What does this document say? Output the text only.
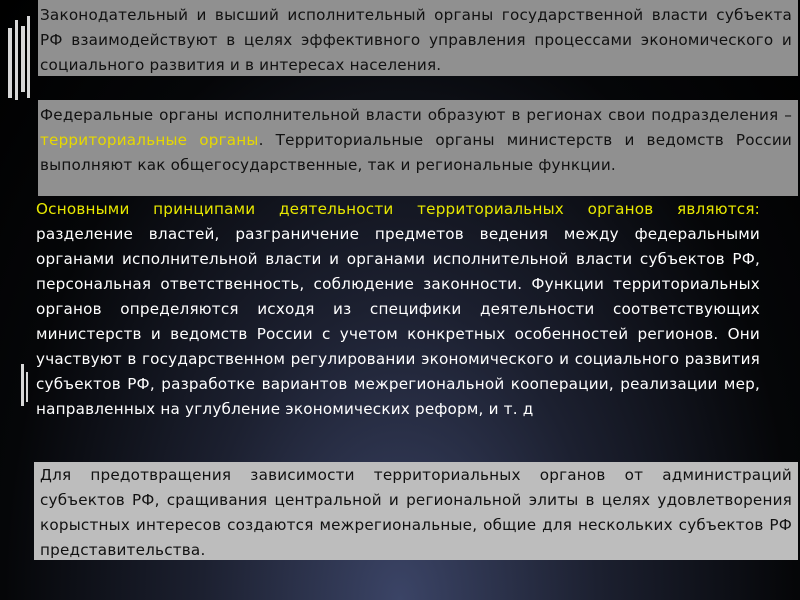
Законодательный и высший исполнительный органы государственной власти субъекта РФ взаимодействуют в целях эффективного управления процессами экономического и социального развития и в интересах населения.

Федеральные органы исполнительной власти образуют в регионах свои подразделения – территориальные органы. Территориальные органы министерств и ведомств России выполняют как общегосударственные, так и региональные функции.

Основными принципами деятельности территориальных органов являются: разделение властей, разграничение предметов ведения между федеральными органами исполнительной власти и органами исполнительной власти субъектов РФ, персональная ответственность, соблюдение законности. Функции территориальных органов определяются исходя из специфики деятельности соответствующих министерств и ведомств России с учетом конкретных особенностей регионов. Они участвуют в государственном регулировании экономического и социального развития субъектов РФ, разработке вариантов межрегиональной кооперации, реализации мер, направленных на углубление экономических реформ, и т. д

Для предотвращения зависимости территориальных органов от администраций субъектов РФ, сращивания центральной и региональной элиты в целях удовлетворения корыстных интересов создаются межрегиональные, общие для нескольких субъектов РФ представительства.
